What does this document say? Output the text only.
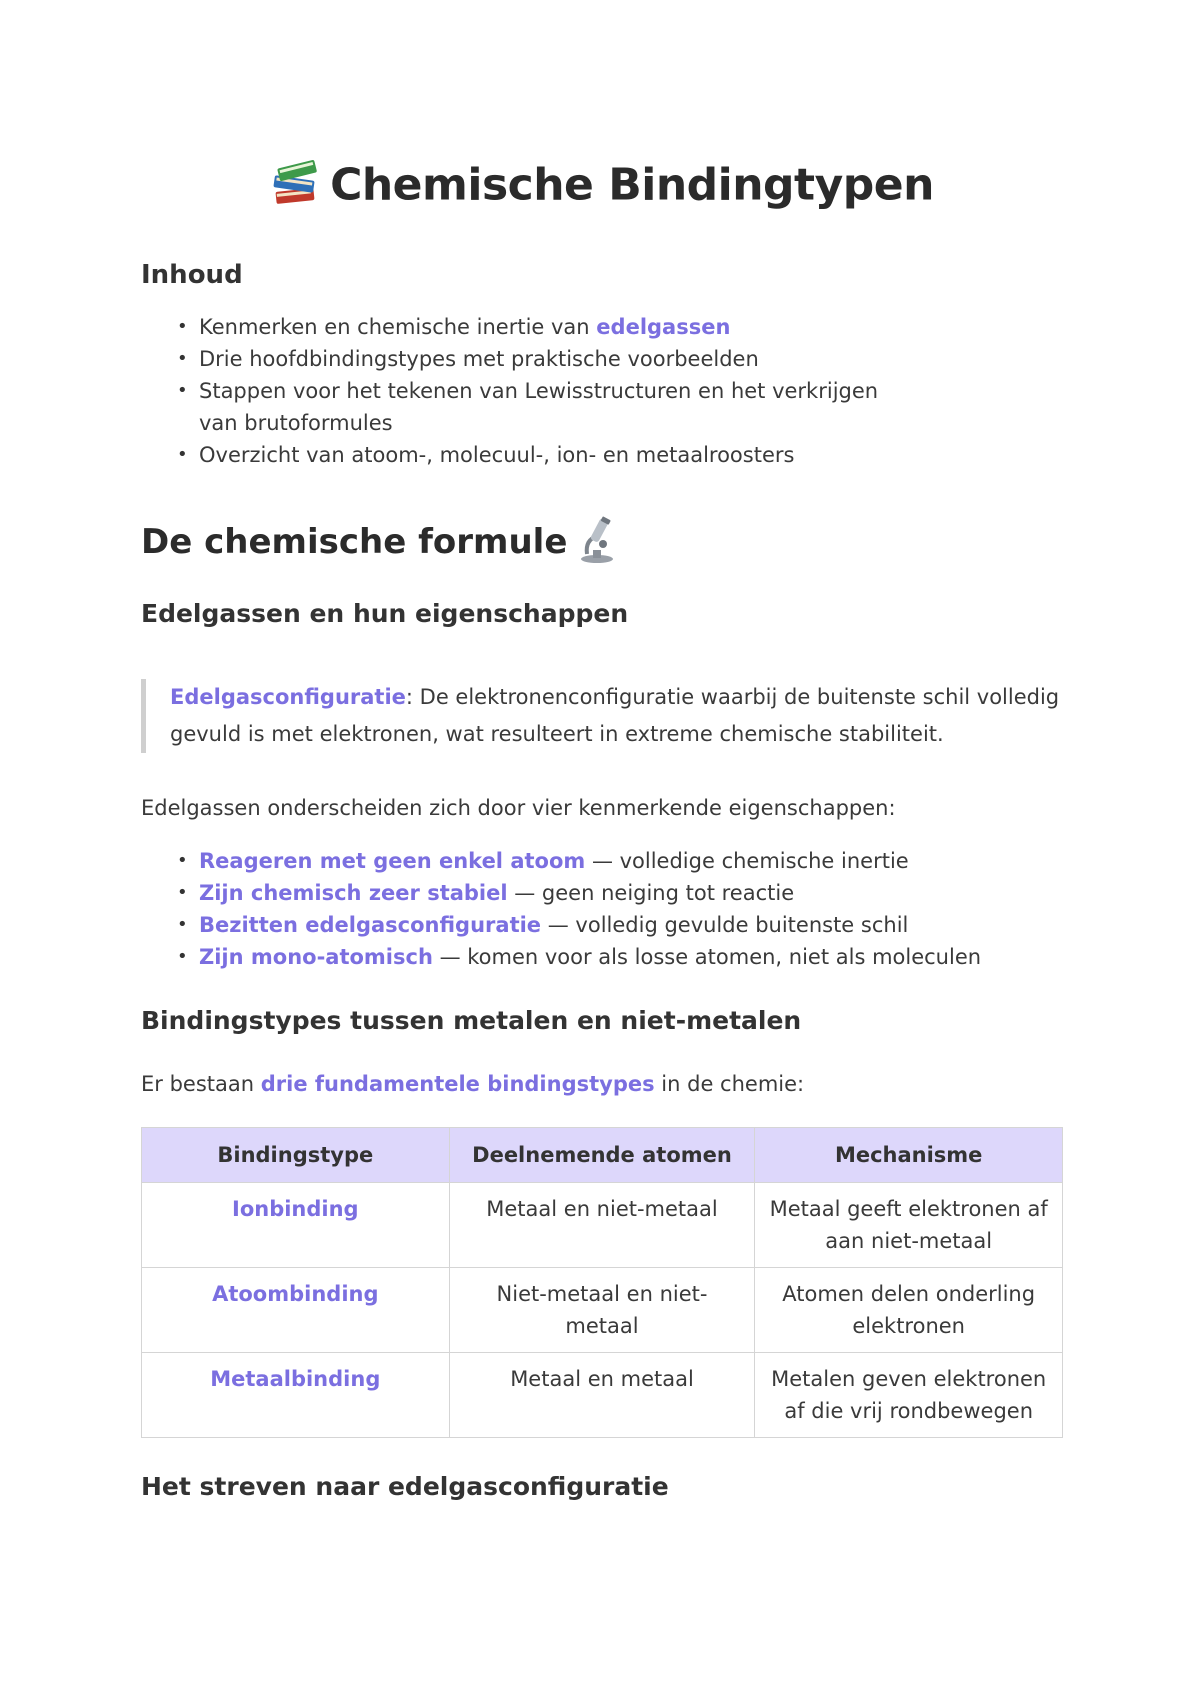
Chemische Bindingtypen
Inhoud
• Kenmerken en chemische inertie van edelgassen
• Drie hoofdbindingstypes met praktische voorbeelden
• Stappen voor het tekenen van Lewisstructuren en het verkrijgen van brutoformules
• Overzicht van atoom-, molecuul-, ion- en metaalroosters
De chemische formule
Edelgassen en hun eigenschappen
Edelgasconfiguratie: De elektronenconfiguratie waarbij de buitenste schil volledig gevuld is met elektronen, wat resulteert in extreme chemische stabiliteit.

Edelgassen onderscheiden zich door vier kenmerkende eigenschappen:

• Reageren met geen enkel atoom — volledige chemische inertie
• Zijn chemisch zeer stabiel — geen neiging tot reactie
• Bezitten edelgasconfiguratie — volledig gevulde buitenste schil
• Zijn mono-atomisch — komen voor als losse atomen, niet als moleculen
Bindingstypes tussen metalen en niet-metalen

Er bestaan drie fundamentele bindingstypes in de chemie:

Bindingstype	Deelnemende atomen	Mechanisme
Ionbinding	Metaal en niet-metaal	Metaal geeft elektronen af aan niet-metaal
Atoombinding	Niet-metaal en niet-metaal	Atomen delen onderling elektronen
Metaalbinding	Metaal en metaal	Metalen geven elektronen af die vrij rondbewegen
Het streven naar edelgasconfiguratie
